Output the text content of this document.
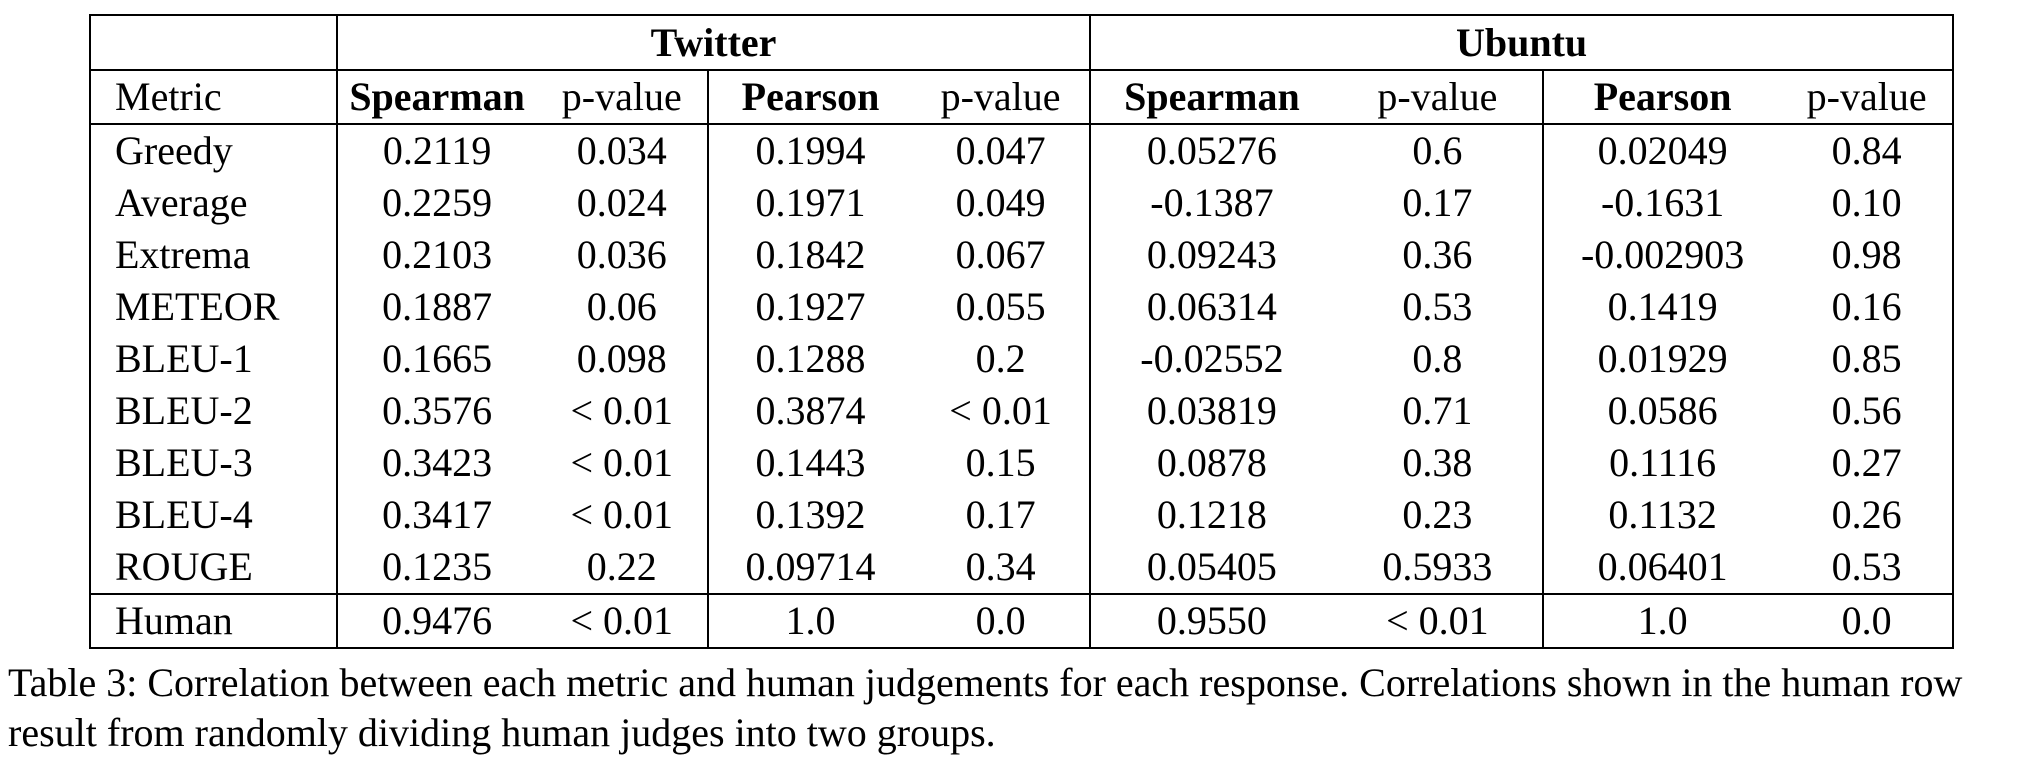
	Twitter				Ubuntu			
Metric	Spearman	p-value	Pearson	p-value	Spearman	p-value	Pearson	p-value
Greedy	0.2119	0.034	0.1994	0.047	0.05276	0.6	0.02049	0.84
Average	0.2259	0.024	0.1971	0.049	-0.1387	0.17	-0.1631	0.10
Extrema	0.2103	0.036	0.1842	0.067	0.09243	0.36	-0.002903	0.98
METEOR	0.1887	0.06	0.1927	0.055	0.06314	0.53	0.1419	0.16
BLEU-1	0.1665	0.098	0.1288	0.2	-0.02552	0.8	0.01929	0.85
BLEU-2	0.3576	< 0.01	0.3874	< 0.01	0.03819	0.71	0.0586	0.56
BLEU-3	0.3423	< 0.01	0.1443	0.15	0.0878	0.38	0.1116	0.27
BLEU-4	0.3417	< 0.01	0.1392	0.17	0.1218	0.23	0.1132	0.26
ROUGE	0.1235	0.22	0.09714	0.34	0.05405	0.5933	0.06401	0.53
Human	0.9476	< 0.01	1.0	0.0	0.9550	< 0.01	1.0	0.0

Table 3: Correlation between each metric and human judgements for each response. Correlations shown in the human row result from randomly dividing human judges into two groups.
